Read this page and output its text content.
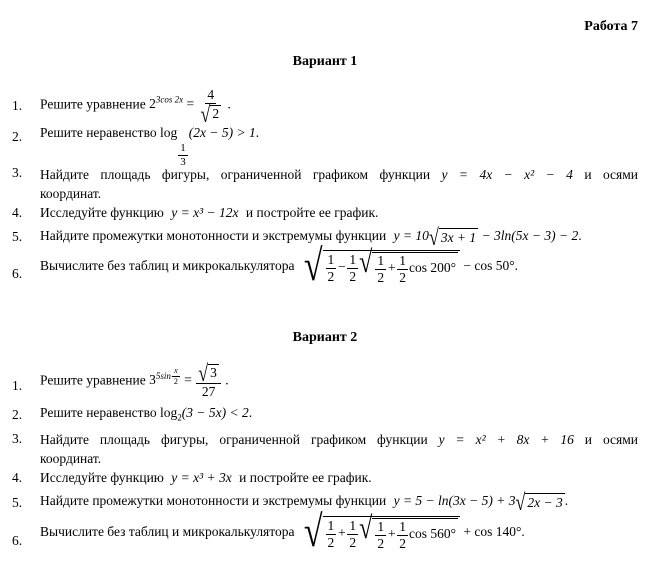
Работа 7
Вариант 1
1. Решите уравнение $2^{3cos 2x} = \frac{4}{√ 2}$ .
2. Решите неравенство log
$\frac{1}{3}$
(2x − 5) > 1.
3. Найдите площадь фигуры, ограниченной графиком функции y = 4x − x² − 4 и осями
координат.
4. Исследуйте функцию y = x³ − 12x и постройте ее график.
5. Найдите промежутки монотонности и экстремумы функции y = 10 √ 3x + 1 − 3ln(5x − 3) − 2.
6.
Вычислите без таблиц и микрокалькулятора √ $\frac{1}{2} - \frac{1}{2}$ √ $\frac{1}{2} + \frac{1}{2}$ cos 200° − cos 50°.
Вариант 2
1. Решите уравнение $3^{5sin \frac{x}{2}} = \frac{√ 3}{27}$ .
2. Решите неравенство $\log_2(3 - 5x) < 2$.
3. Найдите площадь фигуры, ограниченной графиком функции y = x² + 8x + 16 и осями
координат.
4. Исследуйте функцию y = x³ + 3x и постройте ее график.
5. Найдите промежутки монотонности и экстремумы функции y = 5 − ln(3x − 5) + 3 √ 2x − 3 .
6.
Вычислите без таблиц и микрокалькулятора √ $\frac{1}{2} + \frac{1}{2}$ √ $\frac{1}{2} + \frac{1}{2}$ cos 560° + cos 140°.
